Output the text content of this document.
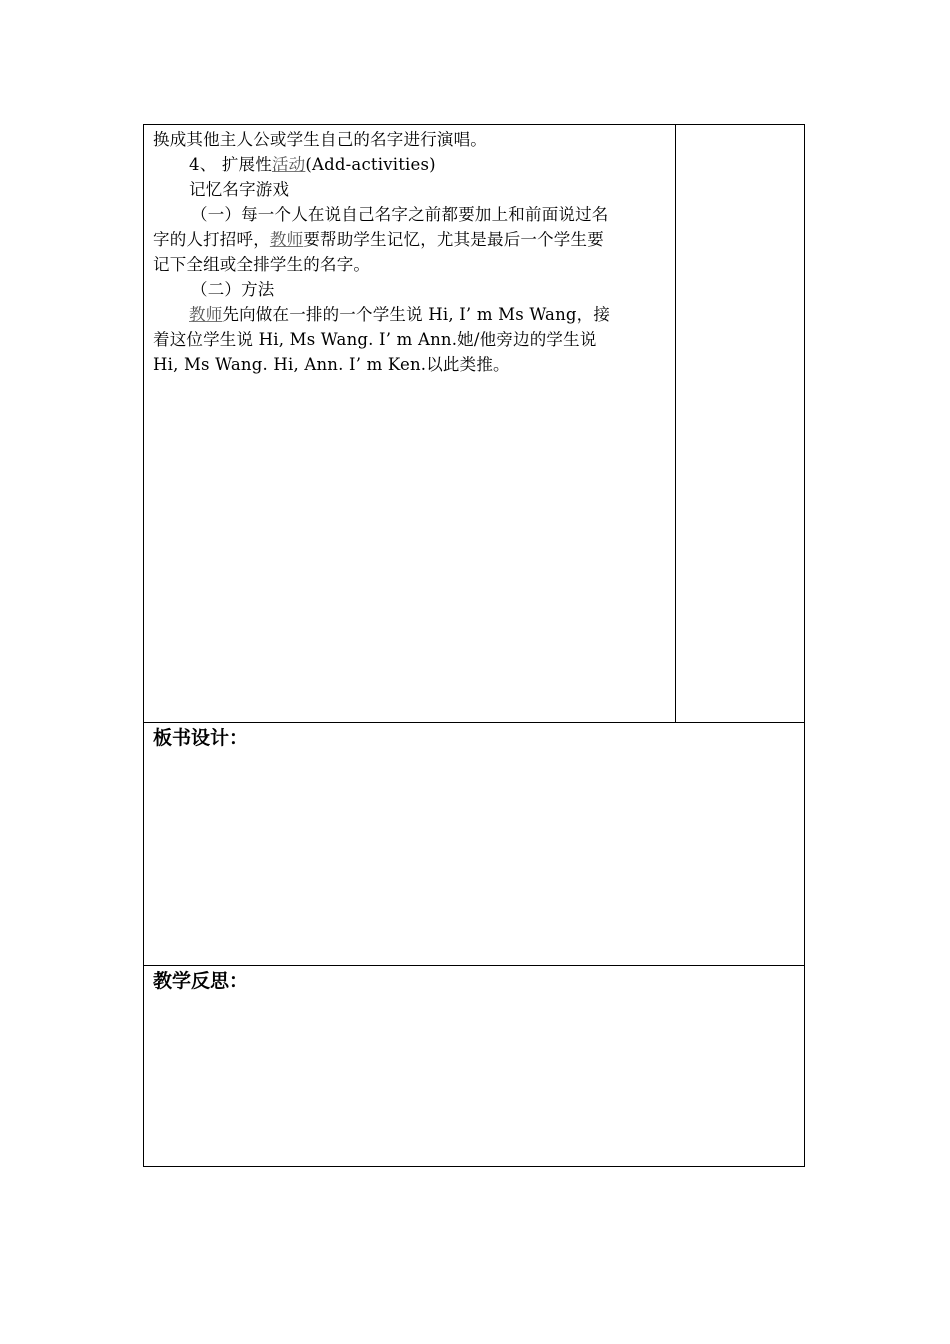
换成其他主人公或学生自己的名字进行演唱。
4、 扩展性活动(Add-activities)
记忆名字游戏
（一）每一个人在说自己名字之前都要加上和前面说过名
字的人打招呼，教师要帮助学生记忆，尤其是最后一个学生要
记下全组或全排学生的名字。
（二）方法
教师先向做在一排的一个学生说 Hi, I’ m Ms Wang，接
着这位学生说 Hi, Ms Wang. I’ m Ann.她/他旁边的学生说
Hi, Ms Wang. Hi, Ann. I’ m Ken.以此类推。
板书设计：
教学反思：
